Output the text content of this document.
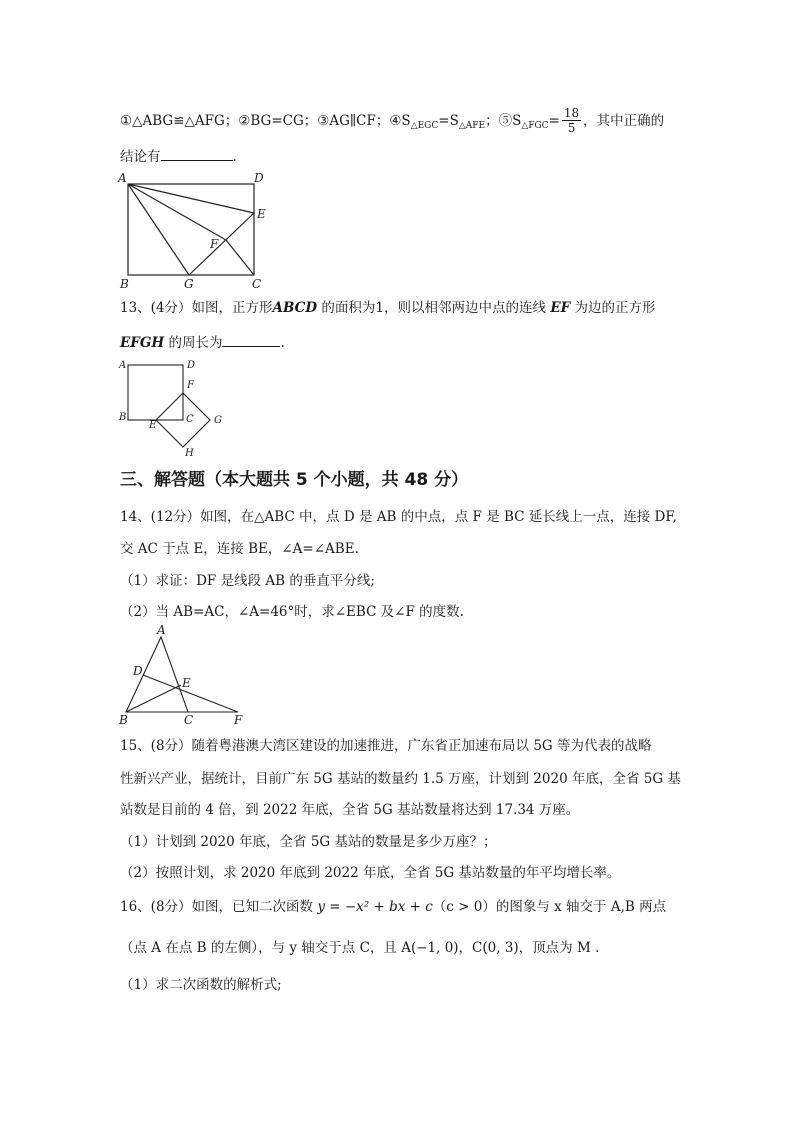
①△ABG≌△AFG；②BG=CG；③AG∥CF；$④S_{\triangle EGC}=S_{\triangle AFE}$；$⑤S_{\triangle FGC}= \frac{18}{5}$ ，其中正确的
结论有	.
A	D
E
F
B	G	C
13、(4分）如图，正方形ABCD 的面积为1，则以相邻两边中点的连线 EF 为边的正方形
EFGH 的周长为	.
A	D
F
B
E
C G
H
三、解答题（本大题共 5 个小题，共 48 分）
14、(12分）如图，在△ABC 中，点 D 是 AB 的中点，点 F 是 BC 延长线上一点，连接 DF,
交 AC 于点 E，连接 BE，∠A=∠ABE.
（1）求证：DF 是线段 AB 的垂直平分线;
（2）当 AB=AC，∠A=46°时，求∠EBC 及∠F 的度数.
A
D
E
B	C	F
15、(8分）随着粤港澳大湾区建设的加速推进，广东省正加速布局以 5G 等为代表的战略
性新兴产业，据统计，目前广东 5G 基站的数量约 1.5 万座，计划到 2020 年底，全省 5G 基
站数是目前的 4 倍，到 2022 年底，全省 5G 基站数量将达到 17.34 万座。
（1）计划到 2020 年底，全省 5G 基站的数量是多少万座？；
（2）按照计划，求 2020 年底到 2022 年底，全省 5G 基站数量的年平均增长率。
16、(8分）如图，已知二次函数 y = −x² + bx + c（c > 0）的图象与 x 轴交于 A,B 两点
（点 A 在点 B 的左侧），与 y 轴交于点 C，且 A(−1, 0)，C(0, 3)，顶点为 M .
（1）求二次函数的解析式;
